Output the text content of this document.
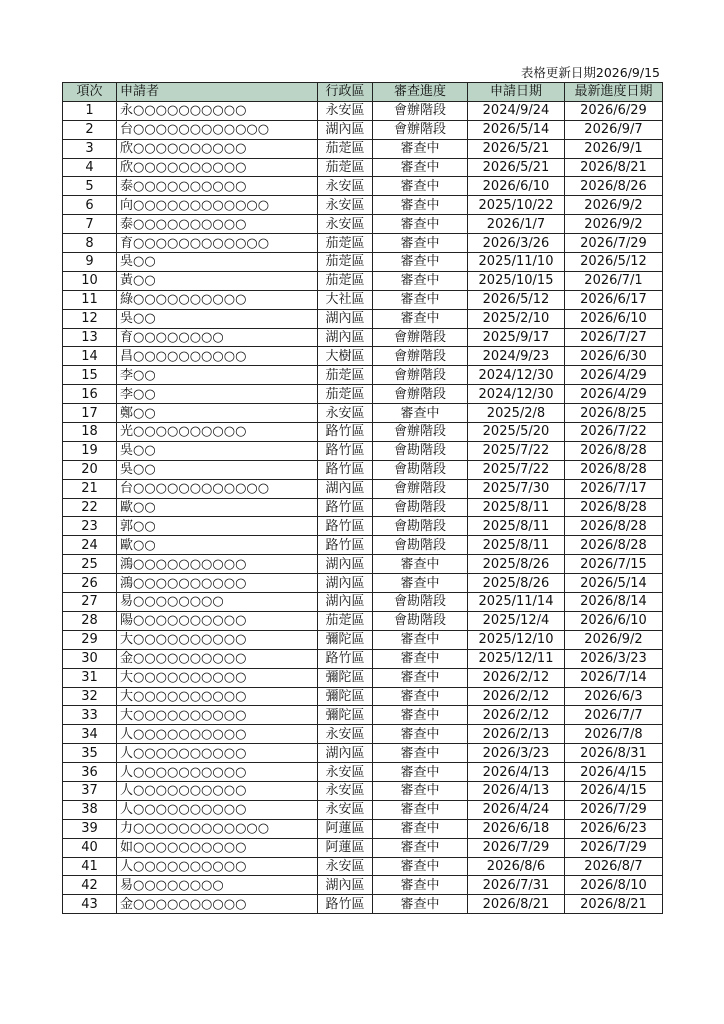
表格更新日期2026/9/15
項次	申請者	行政區	審查進度	申請日期	最新進度日期
1	永○○○○○○○○○○	永安區	會辦階段	2024/9/24	2026/6/29
2	台○○○○○○○○○○○○	湖內區	會辦階段	2026/5/14	2026/9/7
3	欣○○○○○○○○○○	茄萣區	審查中	2026/5/21	2026/9/1
4	欣○○○○○○○○○○	茄萣區	審查中	2026/5/21	2026/8/21
5	泰○○○○○○○○○○	永安區	審查中	2026/6/10	2026/8/26
6	向○○○○○○○○○○○○	永安區	審查中	2025/10/22	2026/9/2
7	泰○○○○○○○○○○	永安區	審查中	2026/1/7	2026/9/2
8	育○○○○○○○○○○○○	茄萣區	審查中	2026/3/26	2026/7/29
9	吳○○	茄萣區	審查中	2025/11/10	2026/5/12
10	黃○○	茄萣區	審查中	2025/10/15	2026/7/1
11	綠○○○○○○○○○○	大社區	審查中	2026/5/12	2026/6/17
12	吳○○	湖內區	審查中	2025/2/10	2026/6/10
13	育○○○○○○○○	湖內區	會辦階段	2025/9/17	2026/7/27
14	昌○○○○○○○○○○	大樹區	會辦階段	2024/9/23	2026/6/30
15	李○○	茄萣區	會辦階段	2024/12/30	2026/4/29
16	李○○	茄萣區	會辦階段	2024/12/30	2026/4/29
17	鄭○○	永安區	審查中	2025/2/8	2026/8/25
18	光○○○○○○○○○○	路竹區	會辦階段	2025/5/20	2026/7/22
19	吳○○	路竹區	會勘階段	2025/7/22	2026/8/28
20	吳○○	路竹區	會勘階段	2025/7/22	2026/8/28
21	台○○○○○○○○○○○○	湖內區	會辦階段	2025/7/30	2026/7/17
22	歐○○	路竹區	會勘階段	2025/8/11	2026/8/28
23	郭○○	路竹區	會勘階段	2025/8/11	2026/8/28
24	歐○○	路竹區	會勘階段	2025/8/11	2026/8/28
25	鴻○○○○○○○○○○	湖內區	審查中	2025/8/26	2026/7/15
26	鴻○○○○○○○○○○	湖內區	審查中	2025/8/26	2026/5/14
27	易○○○○○○○○	湖內區	會勘階段	2025/11/14	2026/8/14
28	陽○○○○○○○○○○	茄萣區	會勘階段	2025/12/4	2026/6/10
29	大○○○○○○○○○○	彌陀區	審查中	2025/12/10	2026/9/2
30	金○○○○○○○○○○	路竹區	審查中	2025/12/11	2026/3/23
31	大○○○○○○○○○○	彌陀區	審查中	2026/2/12	2026/7/14
32	大○○○○○○○○○○	彌陀區	審查中	2026/2/12	2026/6/3
33	大○○○○○○○○○○	彌陀區	審查中	2026/2/12	2026/7/7
34	人○○○○○○○○○○	永安區	審查中	2026/2/13	2026/7/8
35	人○○○○○○○○○○	湖內區	審查中	2026/3/23	2026/8/31
36	人○○○○○○○○○○	永安區	審查中	2026/4/13	2026/4/15
37	人○○○○○○○○○○	永安區	審查中	2026/4/13	2026/4/15
38	人○○○○○○○○○○	永安區	審查中	2026/4/24	2026/7/29
39	力○○○○○○○○○○○○	阿蓮區	審查中	2026/6/18	2026/6/23
40	如○○○○○○○○○○	阿蓮區	審查中	2026/7/29	2026/7/29
41	人○○○○○○○○○○	永安區	審查中	2026/8/6	2026/8/7
42	易○○○○○○○○	湖內區	審查中	2026/7/31	2026/8/10
43	金○○○○○○○○○○	路竹區	審查中	2026/8/21	2026/8/21
